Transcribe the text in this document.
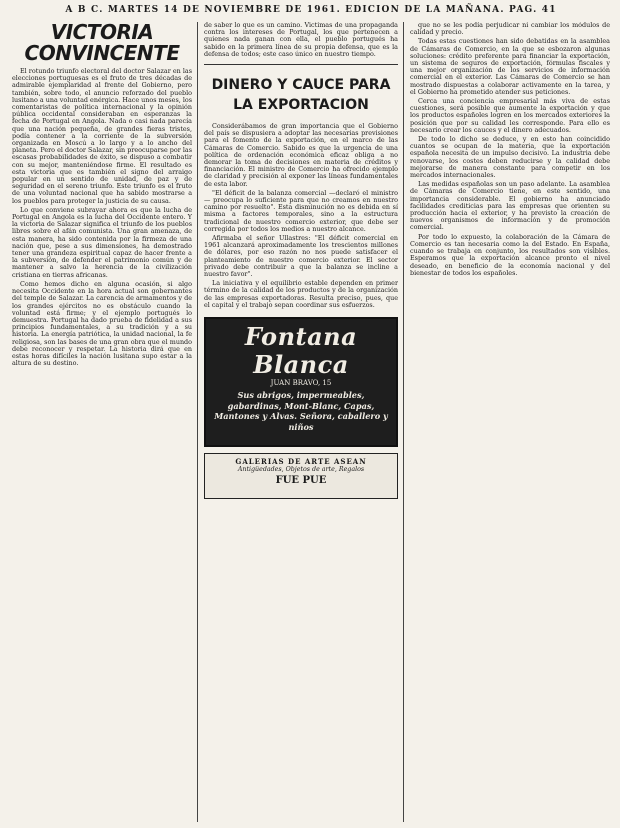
A B C. MARTES 14 DE NOVIEMBRE DE 1961. EDICION DE LA MAÑANA. PAG. 41
VICTORIA CONVINCENTE

El rotundo triunfo electoral del doctor Salazar en las elecciones portuguesas es el fruto de tres décadas de admirable ejemplaridad al frente del Gobierno, pero también, sobre todo, el anuncio reforzado del pueblo lusitano a una voluntad enérgica. Hace unos meses, los comentaristas de política internacional y la opinión pública occidental consideraban en esperanzas la fecha de Portugal en Angola. Nada o casi nada parecía que una nación pequeña, de grandes fieras tristes, podía contener a la corriente de la subversión organizada en Moscú a lo largo y a lo ancho del planeta. Pero el doctor Salazar, sin preocuparse por las escasas probabilidades de éxito, se dispuso a combatir con su mejor, manteniéndose firme. El resultado es esta victoria que es también el signo del arraigo popular en un sentido de unidad, de paz y de seguridad en el sereno triunfo. Este triunfo es el fruto de una voluntad nacional que ha sabido mostrarse a los pueblos para proteger la justicia de su causa.

Lo que conviene subrayar ahora es que la lucha de Portugal en Angola es la lucha del Occidente entero. Y la victoria de Salazar significa el triunfo de los pueblos libres sobre el afán comunista. Una gran amenaza, de esta manera, ha sido contenida por la firmeza de una nación que, pese a sus dimensiones, ha demostrado tener una grandeza espiritual capaz de hacer frente a la subversión, de defender el patrimonio común y de mantener a salvo la herencia de la civilización cristiana en tierras africanas.

Como hemos dicho en alguna ocasión, si algo necesita Occidente en la hora actual son gobernantes del temple de Salazar. La carencia de armamentos y de los grandes ejércitos no es obstáculo cuando la voluntad está firme; y el ejemplo portugués lo demuestra. Portugal ha dado prueba de fidelidad a sus principios fundamentales, a su tradición y a su historia. La energía patriótica, la unidad nacional, la fe religiosa, son las bases de una gran obra que el mundo debe reconocer y respetar. La historia dirá que en estas horas difíciles la nación lusitana supo estar a la altura de su destino.

de saber lo que es un camino. Victimas de una propaganda contra los intereses de Portugal, los que pertenecen a quienes nada ganan con ella, el pueblo portugués ha sabido en la primera línea de su propia defensa, que es la defensa de todos; este caso único en nuestro tiempo.
DINERO Y CAUCE PARA
LA EXPORTACION

Considerábamos de gran importancia que el Gobierno del país se dispusiera a adoptar las necesarias previsiones para el fomento de la exportación, en el marco de las Cámaras de Comercio. Sabido es que la urgencia de una política de ordenación económica eficaz obliga a no demorar la toma de decisiones en materia de créditos y financiación. El ministro de Comercio ha ofrecido ejemplo de claridad y precisión al exponer las líneas fundamentales de esta labor.

"El déficit de la balanza comercial —declaró el ministro— preocupa lo suficiente para que no creamos en nuestro camino por resuelto". Esta disminución no es debida en sí misma a factores temporales, sino a la estructura tradicional de nuestro comercio exterior, que debe ser corregida por todos los medios a nuestro alcance.

Afirmaba el señor Ullastres: "El déficit comercial en 1961 alcanzará aproximadamente los trescientos millones de dólares, por eso razón no nos puede satisfacer el planteamiento de nuestro comercio exterior. El sector privado debe contribuir a que la balanza se incline a nuestro favor".

La iniciativa y el equilibrio estable dependen en primer término de la calidad de los productos y de la organización de las empresas exportadoras. Resulta preciso, pues, que el capital y el trabajo sepan coordinar sus esfuerzos.

Fontana Blanca
JUAN BRAVO, 15
Sus abrigos, impermeables, gabardinas, Mont-Blanc, Capas, Mantones y Alvas. Señora, caballero y niños
GALERIAS DE ARTE ASEAN
Antigüedades, Objetos de arte, Regalos
FUE PUE

que no se les podía perjudicar ni cambiar los módulos de calidad y precio.

Todas estas cuestiones han sido debatidas en la asamblea de Cámaras de Comercio, en la que se esbozaron algunas soluciones: crédito preferente para financiar la exportación, un sistema de seguros de exportación, fórmulas fiscales y una mejor organización de los servicios de información comercial en el exterior. Las Cámaras de Comercio se han mostrado dispuestas a colaborar activamente en la tarea, y el Gobierno ha prometido atender sus peticiones.

Cerca una conciencia empresarial más viva de estas cuestiones, será posible que aumente la exportación y que los productos españoles logren en los mercados exteriores la posición que por su calidad les corresponde. Para ello es necesario crear los cauces y el dinero adecuados.

De todo lo dicho se deduce, y en esto han coincidido cuantos se ocupan de la materia, que la exportación española necesita de un impulso decisivo. La industria debe renovarse, los costes deben reducirse y la calidad debe mejorarse de manera constante para competir en los mercados internacionales.

Las medidas españolas son un paso adelante. La asamblea de Cámaras de Comercio tiene, en este sentido, una importancia considerable. El gobierno ha anunciado facilidades crediticias para las empresas que orienten su producción hacia el exterior, y ha previsto la creación de nuevos organismos de información y de promoción comercial.

Por todo lo expuesto, la colaboración de la Cámara de Comercio es tan necesaria como la del Estado. En España, cuando se trabaja en conjunto, los resultados son visibles. Esperamos que la exportación alcance pronto el nivel deseado, en beneficio de la economía nacional y del bienestar de todos los españoles.
